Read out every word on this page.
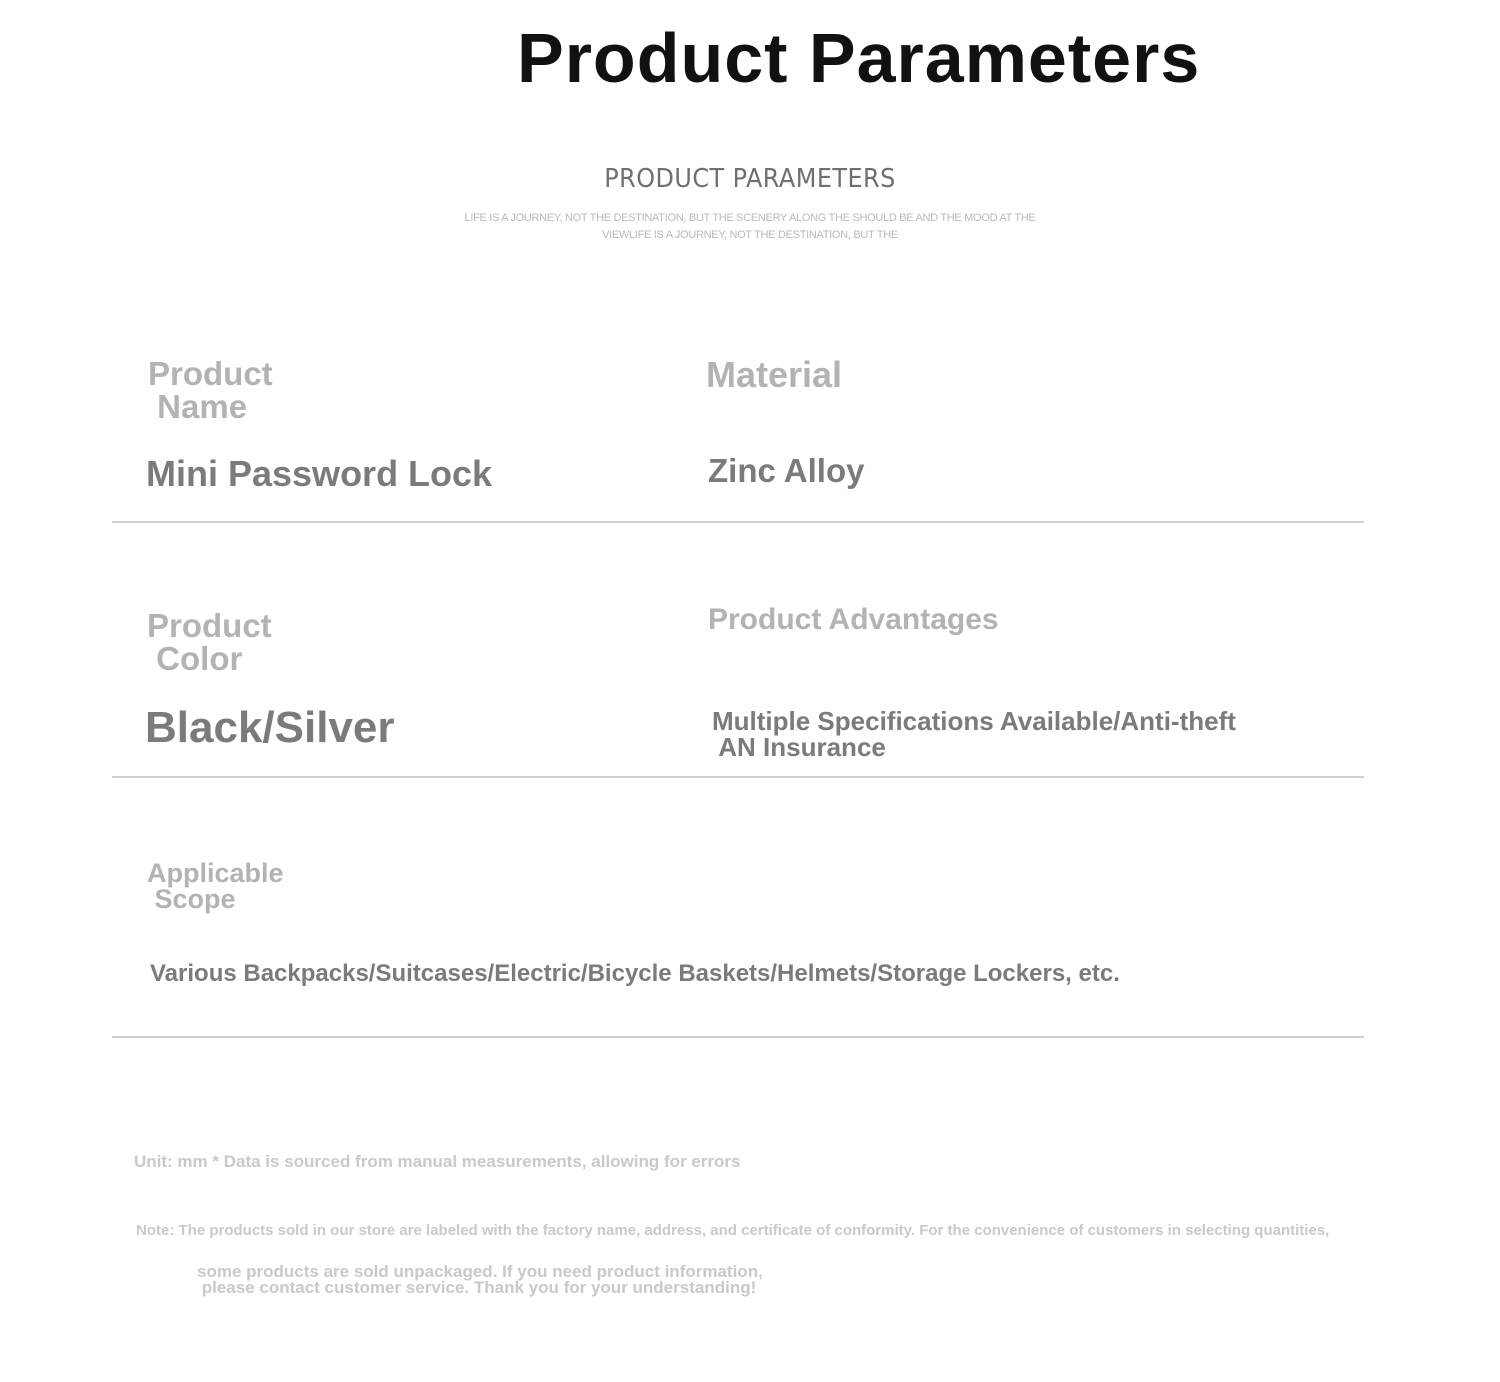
Product Parameters
PRODUCT PARAMETERS
LIFE IS A JOURNEY, NOT THE DESTINATION, BUT THE SCENERY ALONG THE SHOULD BE AND THE MOOD AT THE VIEWLIFE IS A JOURNEY, NOT THE DESTINATION, BUT THE

Product
Name

Material

Mini Password Lock	Zinc Alloy

Product
Color

Product Advantages

Black/Silver	Multiple Specifications Available/Anti-theft
AN Insurance

Applicable
Scope

Various Backpacks/Suitcases/Electric/Bicycle Baskets/Helmets/Storage Lockers, etc.

Unit: mm * Data is sourced from manual measurements, allowing for errors

Note: The products sold in our store are labeled with the factory name, address, and certificate of conformity. For the convenience of customers in selecting quantities,

some products are sold unpackaged. If you need product information,
please contact customer service. Thank you for your understanding!
